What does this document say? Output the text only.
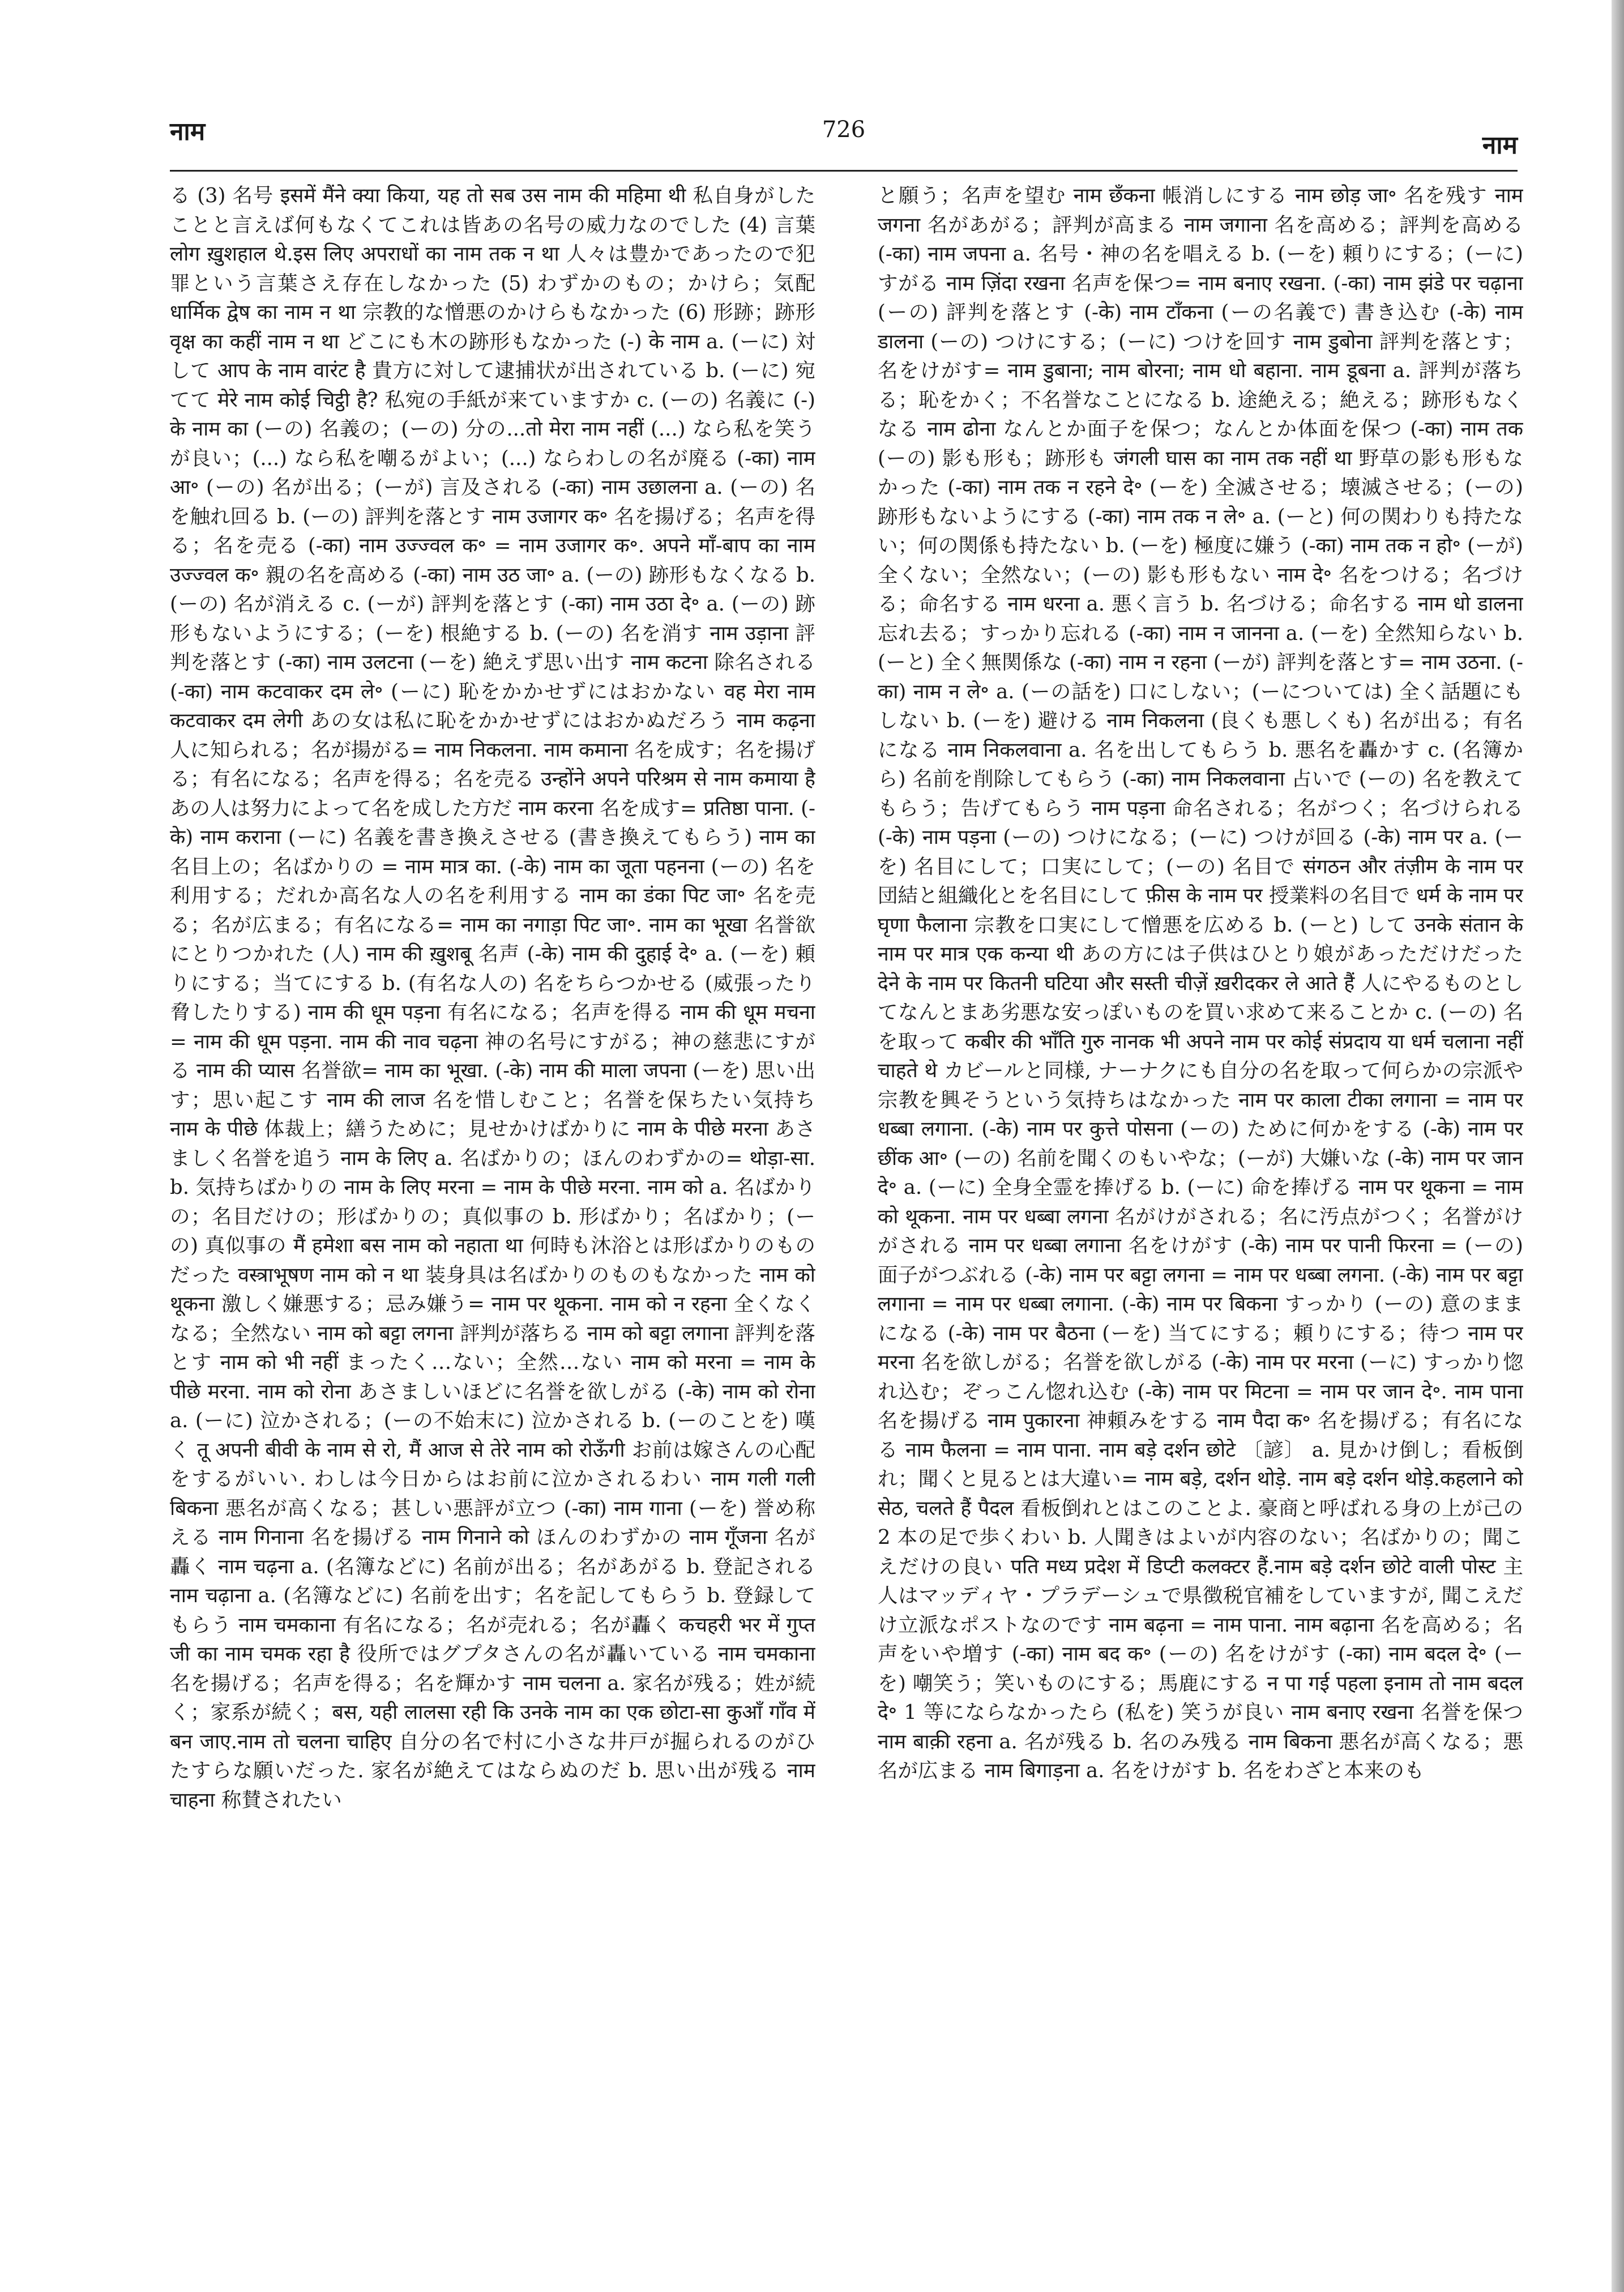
नाम	726
नाम

る (3) 名号 इसमें मैंने क्या किया, यह तो सब उस नाम की महिमा थी 私自身がしたことと言えば何もなくてこれは皆あの名号の威力なのでした (4) 言葉 लोग ख़ुशहाल थे.इस लिए अपराधों का नाम तक न था 人々は豊かであったので犯罪という言葉さえ存在しなかった (5) わずかのもの；かけら；気配 धार्मिक द्वेष का नाम न था 宗教的な憎悪のかけらもなかった (6) 形跡；跡形 वृक्ष का कहीं नाम न था どこにも木の跡形もなかった (-) के नाम a. (ーに) 対して आप के नाम वारंट है 貴方に対して逮捕状が出されている b. (ーに) 宛てて मेरे नाम कोई चिट्ठी है? 私宛の手紙が来ていますか c. (ーの) 名義に (-) के नाम का (ーの) 名義の；(ーの) 分の...तो मेरा नाम नहीं (...) なら私を笑うが良い；(...) なら私を嘲るがよい；(...) ならわしの名が廃る (-का) नाम आ॰ (ーの) 名が出る；(ーが) 言及される (-का) नाम उछालना a. (ーの) 名を触れ回る b. (ーの) 評判を落とす नाम उजागर क॰ 名を揚げる；名声を得る；名を売る (-का) नाम उज्ज्वल क॰ = नाम उजागर क॰. अपने माँ-बाप का नाम उज्ज्वल क॰ 親の名を高める (-का) नाम उठ जा॰ a. (ーの) 跡形もなくなる b. (ーの) 名が消える c. (ーが) 評判を落とす (-का) नाम उठा दे॰ a. (ーの) 跡形もないようにする；(ーを) 根絶する b. (ーの) 名を消す नाम उड़ाना 評判を落とす (-का) नाम उलटना (ーを) 絶えず思い出す नाम कटना 除名される (-का) नाम कटवाकर दम ले॰ (ーに) 恥をかかせずにはおかない वह मेरा नाम कटवाकर दम लेगी あの女は私に恥をかかせずにはおかぬだろう नाम कढ़ना 人に知られる；名が揚がる= नाम निकलना. नाम कमाना 名を成す；名を揚げる；有名になる；名声を得る；名を売る उन्होंने अपने परिश्रम से नाम कमाया है あの人は努力によって名を成した方だ नाम करना 名を成す= प्रतिष्ठा पाना. (-के) नाम कराना (ーに) 名義を書き換えさせる (書き換えてもらう) नाम का 名目上の；名ばかりの = नाम मात्र का. (-के) नाम का जूता पहनना (ーの) 名を利用する；だれか高名な人の名を利用する नाम का डंका पिट जा॰ 名を売る；名が広まる；有名になる= नाम का नगाड़ा पिट जा॰. नाम का भूखा 名誉欲にとりつかれた (人) नाम की ख़ुशबू 名声 (-के) नाम की दुहाई दे॰ a. (ーを) 頼りにする；当てにする b. (有名な人の) 名をちらつかせる (威張ったり脅したりする) नाम की धूम पड़ना 有名になる；名声を得る नाम की धूम मचना = नाम की धूम पड़ना. नाम की नाव चढ़ना 神の名号にすがる；神の慈悲にすがる नाम की प्यास 名誉欲= नाम का भूखा. (-के) नाम की माला जपना (ーを) 思い出す；思い起こす नाम की लाज 名を惜しむこと；名誉を保ちたい気持ち नाम के पीछे 体裁上；繕うために；見せかけばかりに नाम के पीछे मरना あさましく名誉を追う नाम के लिए a. 名ばかりの；ほんのわずかの= थोड़ा-सा. b. 気持ちばかりの नाम के लिए मरना = नाम के पीछे मरना. नाम को a. 名ばかりの；名目だけの；形ばかりの；真似事の b. 形ばかり；名ばかり；(ーの) 真似事の मैं हमेशा बस नाम को नहाता था 何時も沐浴とは形ばかりのものだった वस्त्राभूषण नाम को न था 装身具は名ばかりのものもなかった नाम को थूकना 激しく嫌悪する；忌み嫌う= नाम पर थूकना. नाम को न रहना 全くなくなる；全然ない नाम को बट्टा लगना 評判が落ちる नाम को बट्टा लगाना 評判を落とす नाम को भी नहीं まったく…ない；全然…ない नाम को मरना = नाम के पीछे मरना. नाम को रोना あさましいほどに名誉を欲しがる (-के) नाम को रोना a. (ーに) 泣かされる；(ーの不始末に) 泣かされる b. (ーのことを) 嘆く तू अपनी बीवी के नाम से रो, मैं आज से तेरे नाम को रोऊँगी お前は嫁さんの心配をするがいい. わしは今日からはお前に泣かされるわい नाम गली गली बिकना 悪名が高くなる；甚しい悪評が立つ (-का) नाम गाना (ーを) 誉め称える नाम गिनाना 名を揚げる नाम गिनाने को ほんのわずかの नाम गूँजना 名が轟く नाम चढ़ना a. (名簿などに) 名前が出る；名があがる b. 登記される नाम चढ़ाना a. (名簿などに) 名前を出す；名を記してもらう b. 登録してもらう नाम चमकाना 有名になる；名が売れる；名が轟く कचहरी भर में गुप्त जी का नाम चमक रहा है 役所ではグプタさんの名が轟いている नाम चमकाना 名を揚げる；名声を得る；名を輝かす नाम चलना a. 家名が残る；姓が続く；家系が続く；बस, यही लालसा रही कि उनके नाम का एक छोटा-सा कुआँ गाँव में बन जाए.नाम तो चलना चाहिए 自分の名で村に小さな井戸が掘られるのがひたすらな願いだった. 家名が絶えてはならぬのだ b. 思い出が残る नाम चाहना 称賛されたい

と願う；名声を望む नाम छँकना 帳消しにする नाम छोड़ जा॰ 名を残す नाम जगना 名があがる；評判が高まる नाम जगाना 名を高める；評判を高める (-का) नाम जपना a. 名号・神の名を唱える b. (ーを) 頼りにする；(ーに) すがる नाम ज़िंदा रखना 名声を保つ= नाम बनाए रखना. (-का) नाम झंडे पर चढ़ाना (ーの) 評判を落とす (-के) नाम टाँकना (ーの名義で) 書き込む (-के) नाम डालना (ーの) つけにする；(ーに) つけを回す नाम डुबोना 評判を落とす；名をけがす= नाम डुबाना; नाम बोरना; नाम धो बहाना. नाम डूबना a. 評判が落ちる；恥をかく；不名誉なことになる b. 途絶える；絶える；跡形もなくなる नाम ढोना なんとか面子を保つ；なんとか体面を保つ (-का) नाम तक (ーの) 影も形も；跡形も जंगली घास का नाम तक नहीं था 野草の影も形もなかった (-का) नाम तक न रहने दे॰ (ーを) 全滅させる；壊滅させる；(ーの) 跡形もないようにする (-का) नाम तक न ले॰ a. (ーと) 何の関わりも持たない；何の関係も持たない b. (ーを) 極度に嫌う (-का) नाम तक न हो॰ (ーが) 全くない；全然ない；(ーの) 影も形もない नाम दे॰ 名をつける；名づける；命名する नाम धरना a. 悪く言う b. 名づける；命名する नाम धो डालना 忘れ去る；すっかり忘れる (-का) नाम न जानना a. (ーを) 全然知らない b. (ーと) 全く無関係な (-का) नाम न रहना (ーが) 評判を落とす= नाम उठना. (-का) नाम न ले॰ a. (ーの話を) 口にしない；(ーについては) 全く話題にもしない b. (ーを) 避ける नाम निकलना (良くも悪しくも) 名が出る；有名になる नाम निकलवाना a. 名を出してもらう b. 悪名を轟かす c. (名簿から) 名前を削除してもらう (-का) नाम निकलवाना 占いで (ーの) 名を教えてもらう；告げてもらう नाम पड़ना 命名される；名がつく；名づけられる (-के) नाम पड़ना (ーの) つけになる；(ーに) つけが回る (-के) नाम पर a. (ーを) 名目にして；口実にして；(ーの) 名目で संगठन और तंज़ीम के नाम पर 団結と組織化とを名目にして फ़ीस के नाम पर 授業料の名目で धर्म के नाम पर घृणा फैलाना 宗教を口実にして憎悪を広める b. (ーと) して उनके संतान के नाम पर मात्र एक कन्या थी あの方には子供はひとり娘があっただけだった देने के नाम पर कितनी घटिया और सस्ती चीज़ें ख़रीदकर ले आते हैं 人にやるものとしてなんとまあ劣悪な安っぽいものを買い求めて来ることか c. (ーの) 名を取って कबीर की भाँति गुरु नानक भी अपने नाम पर कोई संप्रदाय या धर्म चलाना नहीं चाहते थे カビールと同様, ナーナクにも自分の名を取って何らかの宗派や宗教を興そうという気持ちはなかった नाम पर काला टीका लगाना = नाम पर धब्बा लगाना. (-के) नाम पर कुत्ते पोसना (ーの) ために何かをする (-के) नाम पर छींक आ॰ (ーの) 名前を聞くのもいやな；(ーが) 大嫌いな (-के) नाम पर जान दे॰ a. (ーに) 全身全霊を捧げる b. (ーに) 命を捧げる नाम पर थूकना = नाम को थूकना. नाम पर धब्बा लगना 名がけがされる；名に汚点がつく；名誉がけがされる नाम पर धब्बा लगाना 名をけがす (-के) नाम पर पानी फिरना = (ーの) 面子がつぶれる (-के) नाम पर बट्टा लगना = नाम पर धब्बा लगना. (-के) नाम पर बट्टा लगाना = नाम पर धब्बा लगाना. (-के) नाम पर बिकना すっかり (ーの) 意のままになる (-के) नाम पर बैठना (ーを) 当てにする；頼りにする；待つ नाम पर मरना 名を欲しがる；名誉を欲しがる (-के) नाम पर मरना (ーに) すっかり惚れ込む；ぞっこん惚れ込む (-के) नाम पर मिटना = नाम पर जान दे॰. नाम पाना 名を揚げる नाम पुकारना 神頼みをする नाम पैदा क॰ 名を揚げる；有名になる नाम फैलना = नाम पाना. नाम बड़े दर्शन छोटे 〔諺〕 a. 見かけ倒し；看板倒れ；聞くと見るとは大違い= नाम बड़े, दर्शन थोड़े. नाम बड़े दर्शन थोड़े.कहलाने को सेठ, चलते हैं पैदल 看板倒れとはこのことよ. 豪商と呼ばれる身の上が己の 2 本の足で歩くわい b. 人聞きはよいが内容のない；名ばかりの；聞こえだけの良い पति मध्य प्रदेश में डिप्टी कलक्टर हैं.नाम बड़े दर्शन छोटे वाली पोस्ट 主人はマッディヤ・プラデーシュで県徴税官補をしていますが, 聞こえだけ立派なポストなのです नाम बढ़ना = नाम पाना. नाम बढ़ाना 名を高める；名声をいや増す (-का) नाम बद क॰ (ーの) 名をけがす (-का) नाम बदल दे॰ (ーを) 嘲笑う；笑いものにする；馬鹿にする न पा गई पहला इनाम तो नाम बदल दे॰ 1 等にならなかったら (私を) 笑うが良い नाम बनाए रखना 名誉を保つ नाम बाक़ी रहना a. 名が残る b. 名のみ残る नाम बिकना 悪名が高くなる；悪名が広まる नाम बिगाड़ना a. 名をけがす b. 名をわざと本来のも
